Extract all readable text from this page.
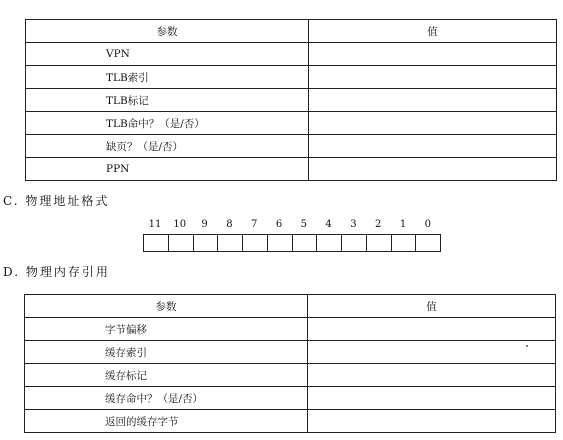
参数	值
VPN	
TLB索引	
TLB标记	
TLB命中？（是/否）	
缺页？（是/否）	
PPN	
C. 物理地址格式
11	10	9	8	7	6	5	4	3	2	1	0
D. 物理内存引用
参数	值
字节偏移	
缓存索引	
缓存标记	
缓存命中？（是/否）	
返回的缓存字节	
